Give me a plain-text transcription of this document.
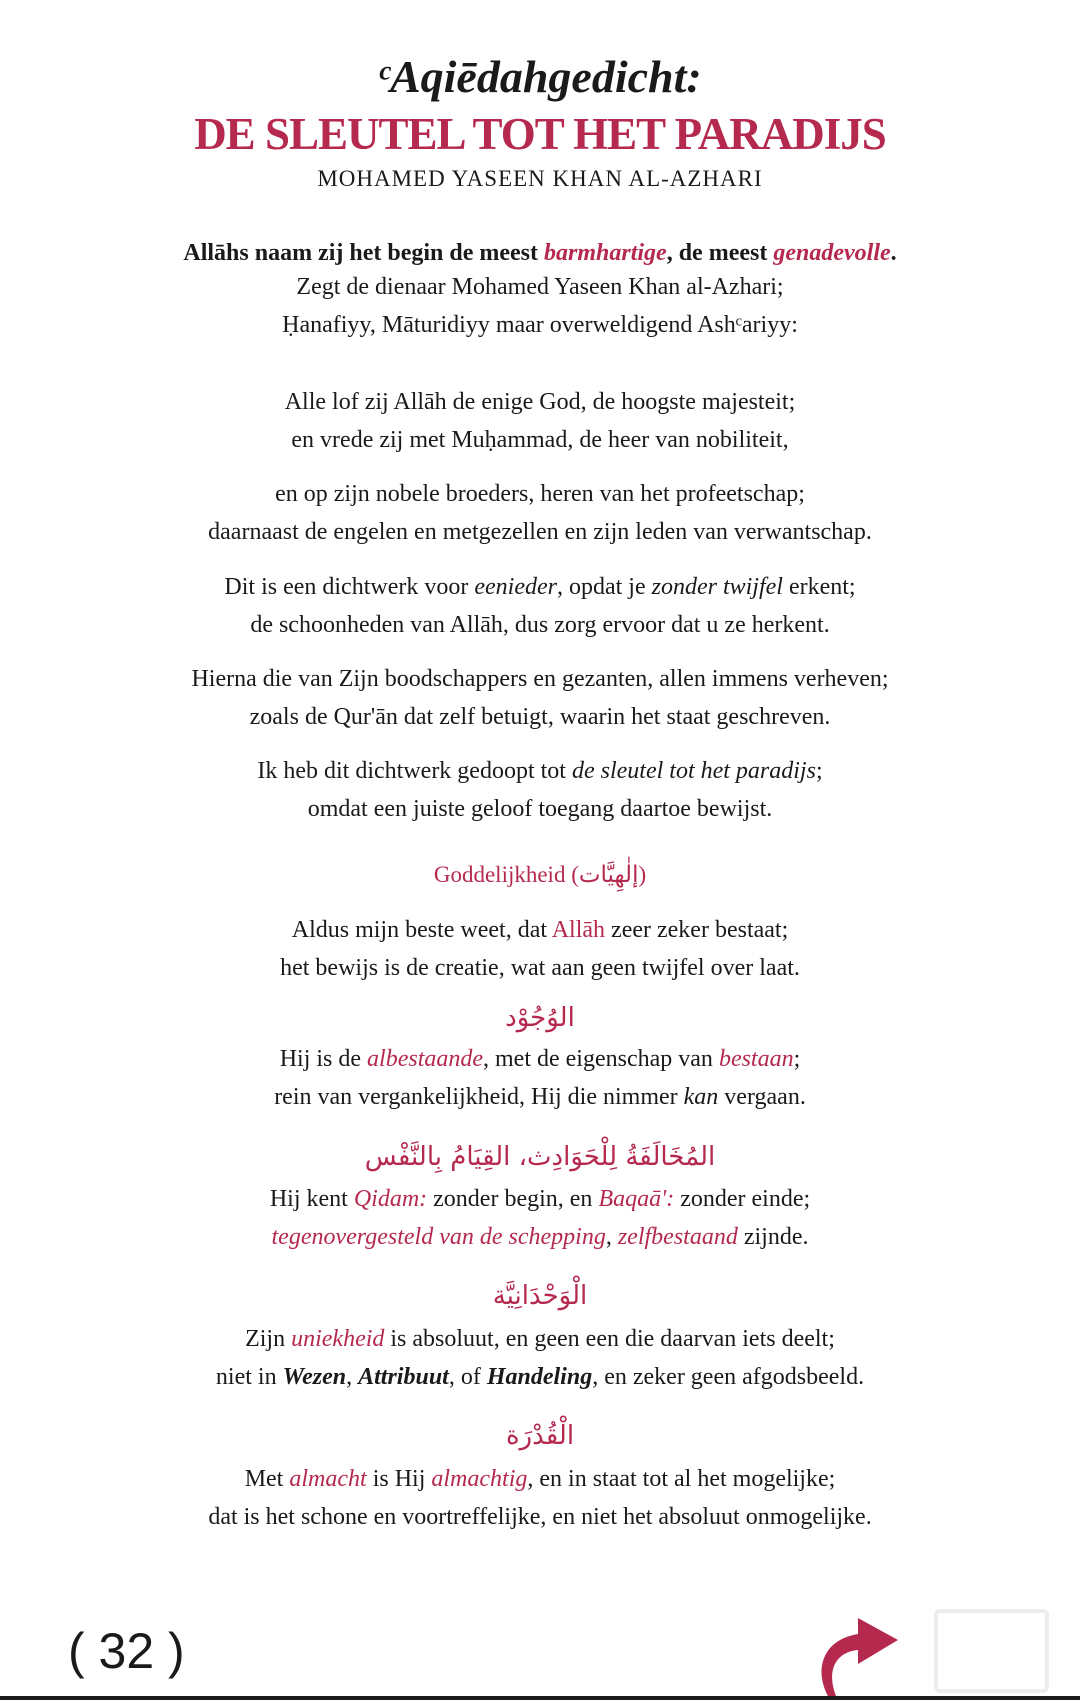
ᶜAqiēdahgedicht:
DE SLEUTEL TOT HET PARADIJS
MOHAMED YASEEN KHAN AL-AZHARI
Allāhs naam zij het begin de meest barmhartige, de meest genadevolle.
Zegt de dienaar Mohamed Yaseen Khan al-Azhari;
Ḥanafiyy, Māturidiyy maar overweldigend Ashᶜariyy:
Alle lof zij Allāh de enige God, de hoogste majesteit;
en vrede zij met Muḥammad, de heer van nobiliteit,
en op zijn nobele broeders, heren van het profeetschap;
daarnaast de engelen en metgezellen en zijn leden van verwantschap.
Dit is een dichtwerk voor eenieder, opdat je zonder twijfel erkent;
de schoonheden van Allāh, dus zorg ervoor dat u ze herkent.
Hierna die van Zijn boodschappers en gezanten, allen immens verheven;
zoals de Qur'ān dat zelf betuigt, waarin het staat geschreven.
Ik heb dit dichtwerk gedoopt tot de sleutel tot het paradijs;
omdat een juiste geloof toegang daartoe bewijst.
Goddelijkheid (إلٰهِيَّات)
Aldus mijn beste weet, dat Allāh zeer zeker bestaat;
het bewijs is de creatie, wat aan geen twijfel over laat.
الوُجُوْد
Hij is de albestaande, met de eigenschap van bestaan;
rein van vergankelijkheid, Hij die nimmer kan vergaan.
المُخَالَفَةُ لِلْحَوَادِث، القِيَامُ بِالنَّفْس
Hij kent Qidam: zonder begin, en Baqaā': zonder einde;
tegenovergesteld van de schepping, zelfbestaand zijnde.
الْوَحْدَانِيَّة
Zijn uniekheid is absoluut, en geen een die daarvan iets deelt;
niet in Wezen, Attribuut, of Handeling, en zeker geen afgodsbeeld.
الْقُدْرَة
Met almacht is Hij almachtig, en in staat tot al het mogelijke;
dat is het schone en voortreffelijke, en niet het absoluut onmogelijke.
( 32 )
